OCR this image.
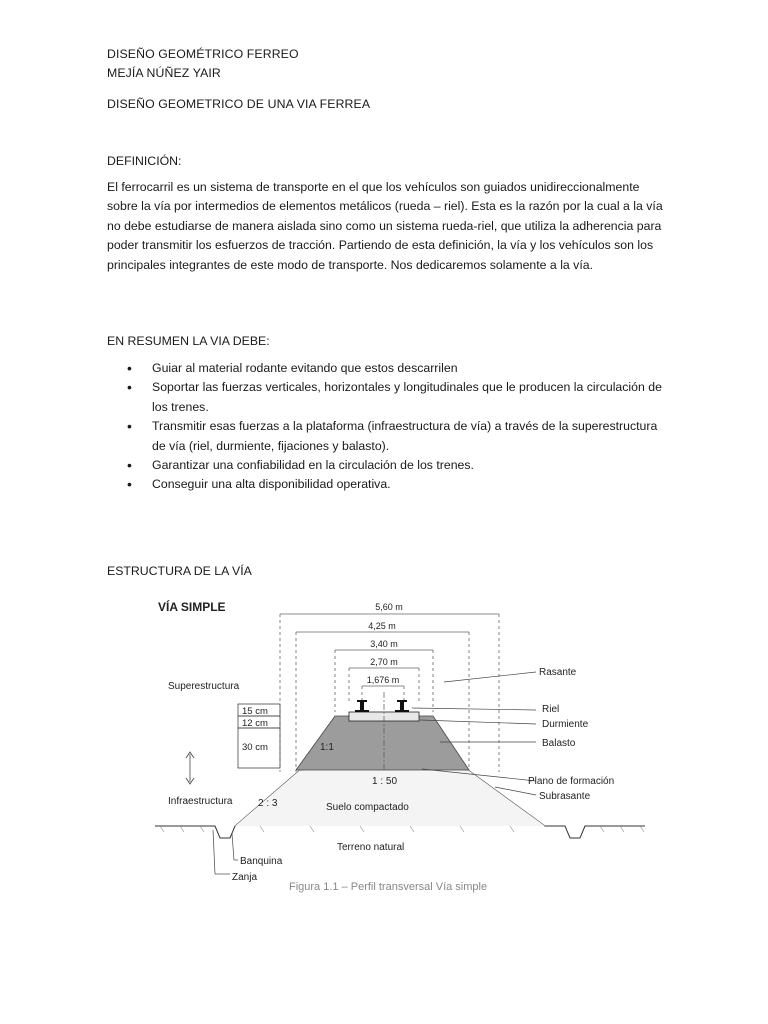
DISEÑO GEOMÉTRICO FERREO
MEJÍA NÚÑEZ YAIR
DISEÑO GEOMETRICO DE UNA VIA FERREA
DEFINICIÓN:

El ferrocarril es un sistema de transporte en el que los vehículos son guiados unidireccionalmente sobre la vía por intermedios de elementos metálicos (rueda – riel). Esta es la razón por la cual a la vía no debe estudiarse de manera aislada sino como un sistema rueda-riel, que utiliza la adherencia para poder transmitir los esfuerzos de tracción. Partiendo de esta definición, la vía y los vehículos son los principales integrantes de este modo de transporte. Nos dedicaremos solamente a la vía.

EN RESUMEN LA VIA DEBE:
• Guiar al material rodante evitando que estos descarrilen
• Soportar las fuerzas verticales, horizontales y longitudinales que le producen la circulación de los trenes.
• Transmitir esas fuerzas a la plataforma (infraestructura de vía) a través de la superestructura de vía (riel, durmiente, fijaciones y balasto).
• Garantizar una confiabilidad en la circulación de los trenes.
• Conseguir una alta disponibilidad operativa.
ESTRUCTURA DE LA VÍA
VÍA SIMPLE	5,60 m
4,25 m
3,40 m
2,70 m
1,676 m
Superestructura
Infraestructura
15 cm
12 cm
30 cm	1:1
1 : 50
2 : 3
Rasante
Riel
Durmiente
Balasto
Plano de formación
Subrasante
Suelo compactado
Terreno natural
Banquina
Zanja
Figura 1.1 – Perfil transversal Vía simple
